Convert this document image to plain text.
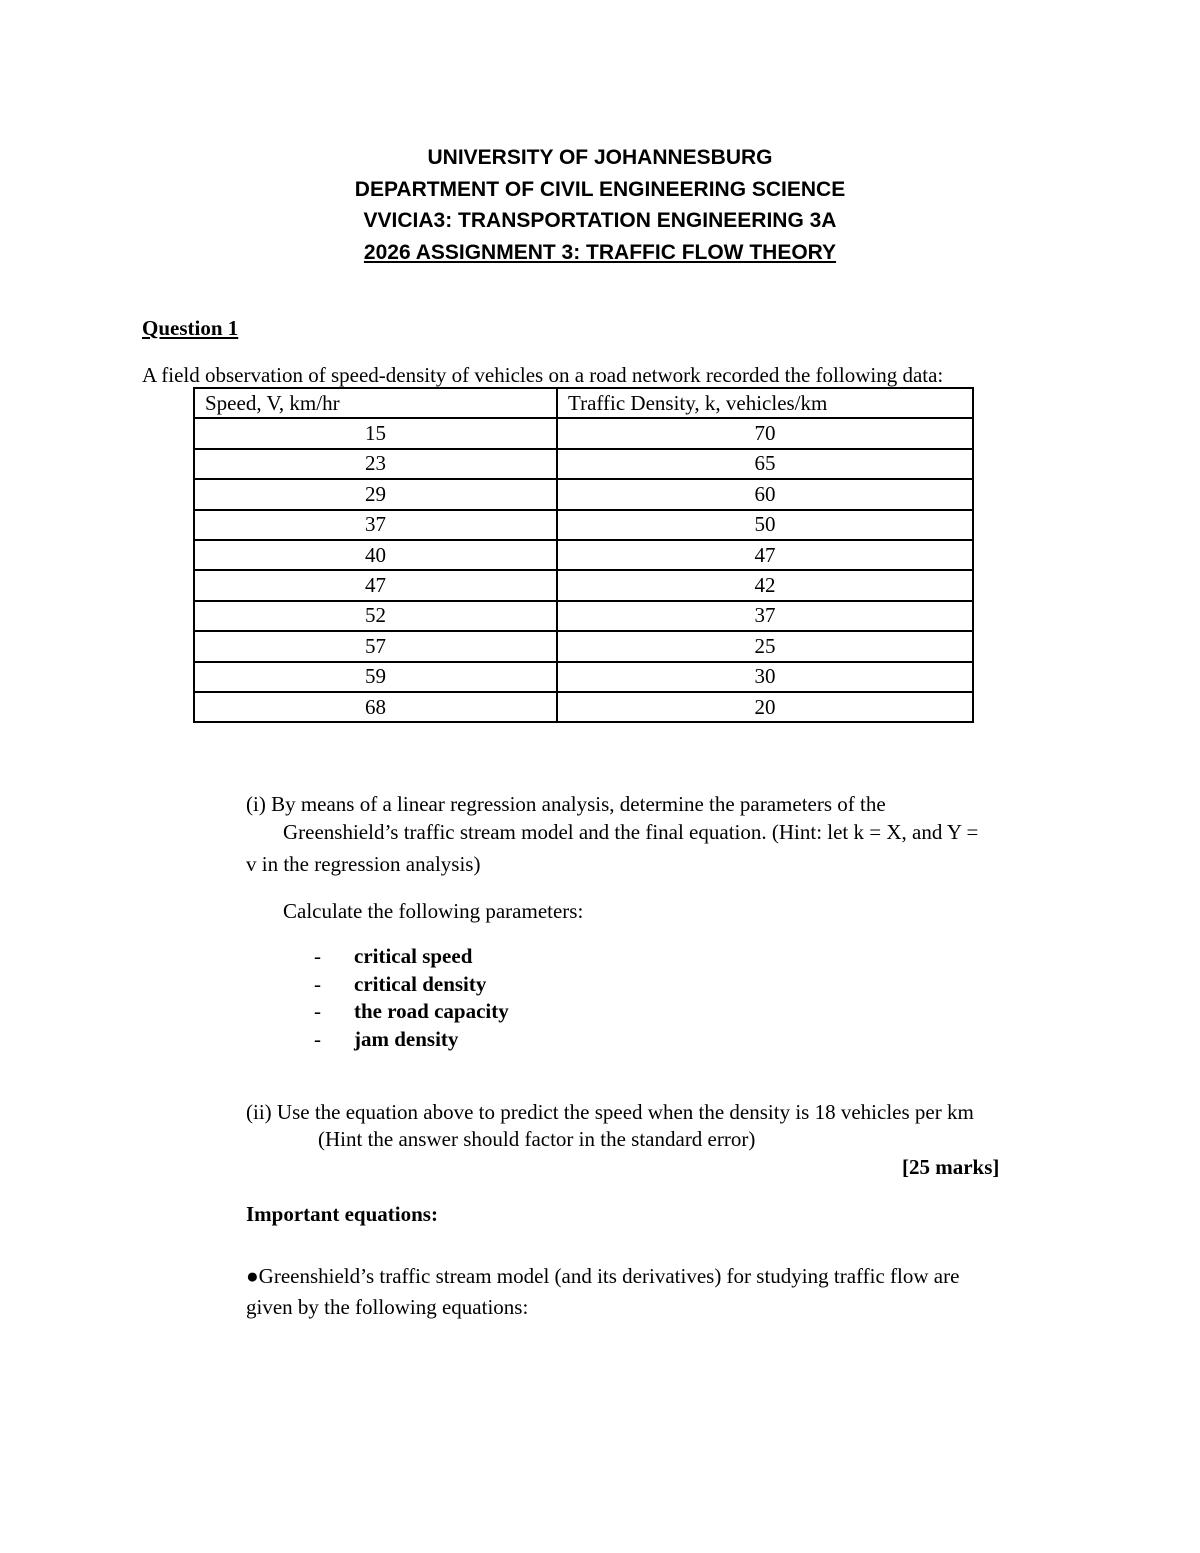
UNIVERSITY OF JOHANNESBURG
DEPARTMENT OF CIVIL ENGINEERING SCIENCE
VVICIA3: TRANSPORTATION ENGINEERING 3A
2026 ASSIGNMENT 3: TRAFFIC FLOW THEORY
Question 1
A field observation of speed-density of vehicles on a road network recorded the following data:
Speed, V, km/hr	Traffic Density, k, vehicles/km
15	70
23	65
29	60
37	50
40	47
47	42
52	37
57	25
59	30
68	20
(i) By means of a linear regression analysis, determine the parameters of the
Greenshield’s traffic stream model and the final equation. (Hint: let k = X, and Y =
v in the regression analysis)
Calculate the following parameters:
- critical speed
- critical density
- the road capacity
- jam density
(ii) Use the equation above to predict the speed when the density is 18 vehicles per km
(Hint the answer should factor in the standard error)
[25 marks]
Important equations:
●Greenshield’s traffic stream model (and its derivatives) for studying traffic flow are
given by the following equations:
